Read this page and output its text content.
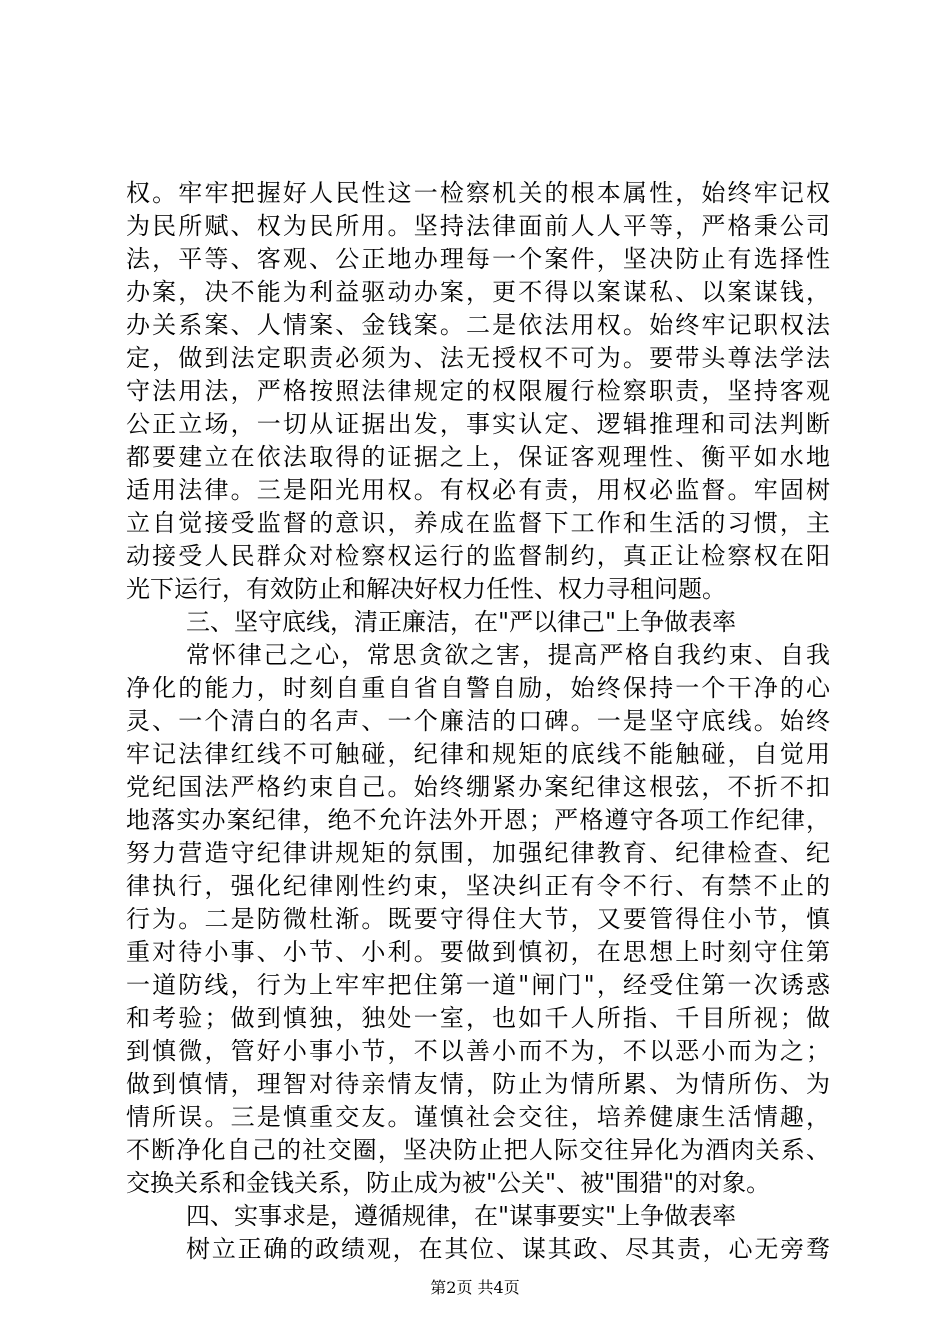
权。牢牢把握好人民性这一检察机关的根本属性，始终牢记权
为民所赋、权为民所用。坚持法律面前人人平等，严格秉公司
法，平等、客观、公正地办理每一个案件，坚决防止有选择性
办案，决不能为利益驱动办案，更不得以案谋私、以案谋钱，
办关系案、人情案、金钱案。二是依法用权。始终牢记职权法
定，做到法定职责必须为、法无授权不可为。要带头尊法学法
守法用法，严格按照法律规定的权限履行检察职责，坚持客观
公正立场，一切从证据出发，事实认定、逻辑推理和司法判断
都要建立在依法取得的证据之上，保证客观理性、衡平如水地
适用法律。三是阳光用权。有权必有责，用权必监督。牢固树
立自觉接受监督的意识，养成在监督下工作和生活的习惯，主
动接受人民群众对检察权运行的监督制约，真正让检察权在阳
光下运行，有效防止和解决好权力任性、权力寻租问题。
三、坚守底线，清正廉洁，在"严以律己"上争做表率
常怀律己之心，常思贪欲之害，提高严格自我约束、自我
净化的能力，时刻自重自省自警自励，始终保持一个干净的心
灵、一个清白的名声、一个廉洁的口碑。一是坚守底线。始终
牢记法律红线不可触碰，纪律和规矩的底线不能触碰，自觉用
党纪国法严格约束自己。始终绷紧办案纪律这根弦，不折不扣
地落实办案纪律，绝不允许法外开恩；严格遵守各项工作纪律，
努力营造守纪律讲规矩的氛围，加强纪律教育、纪律检查、纪
律执行，强化纪律刚性约束，坚决纠正有令不行、有禁不止的
行为。二是防微杜渐。既要守得住大节，又要管得住小节，慎
重对待小事、小节、小利。要做到慎初，在思想上时刻守住第
一道防线，行为上牢牢把住第一道"闸门"，经受住第一次诱惑
和考验；做到慎独，独处一室，也如千人所指、千目所视；做
到慎微，管好小事小节，不以善小而不为，不以恶小而为之；
做到慎情，理智对待亲情友情，防止为情所累、为情所伤、为
情所误。三是慎重交友。谨慎社会交往，培养健康生活情趣，
不断净化自己的社交圈，坚决防止把人际交往异化为酒肉关系、
交换关系和金钱关系，防止成为被"公关"、被"围猎"的对象。
四、实事求是，遵循规律，在"谋事要实"上争做表率
树立正确的政绩观，在其位、谋其政、尽其责，心无旁骛
第2页 共4页
